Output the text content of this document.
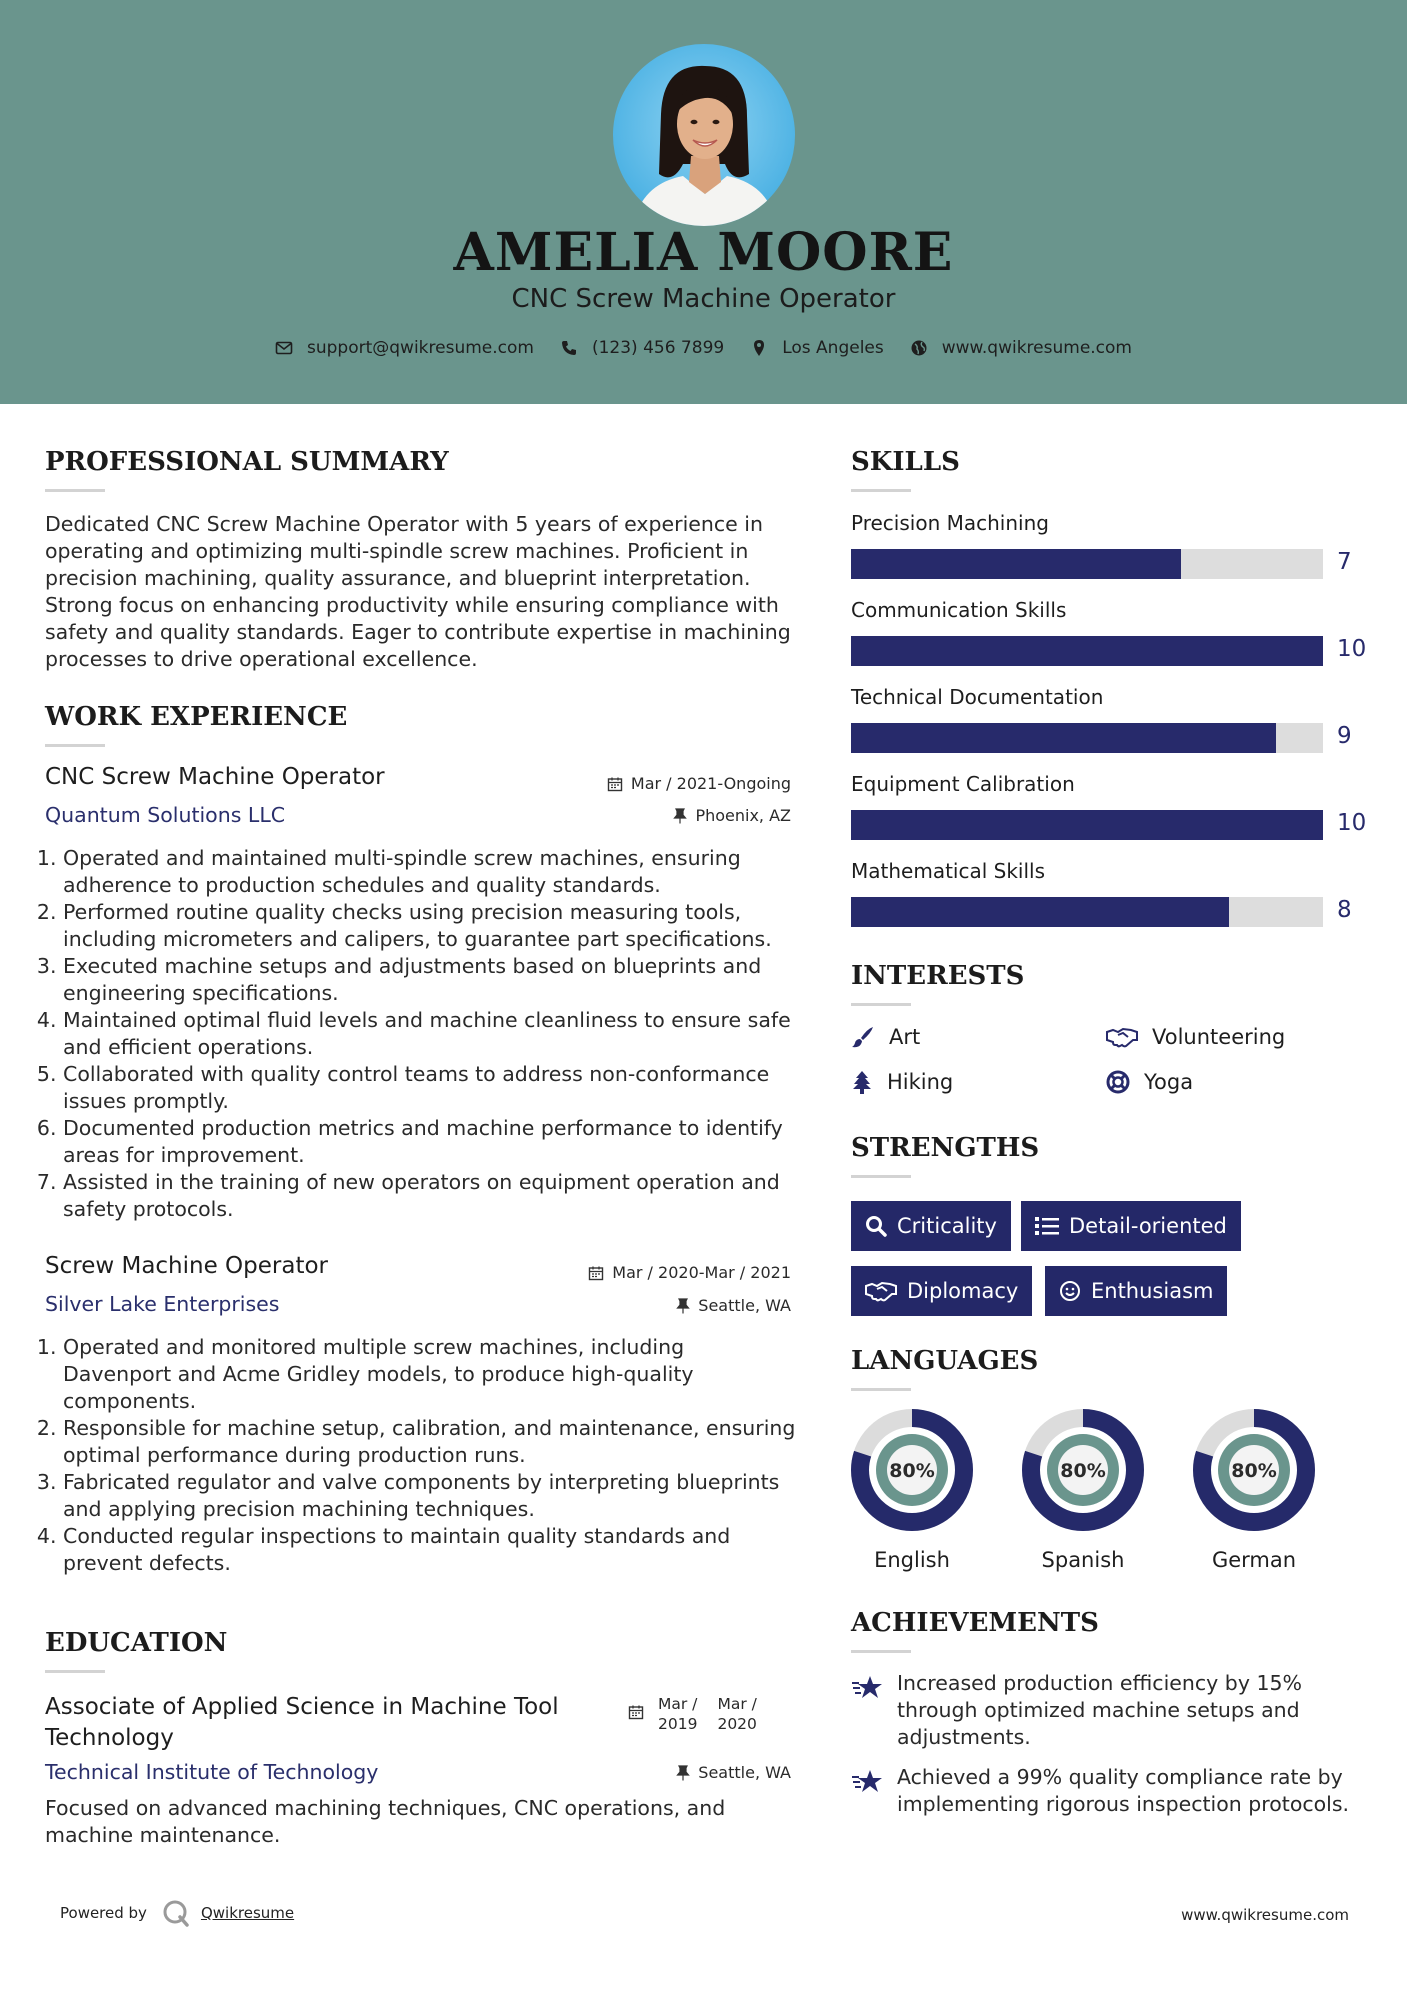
AMELIA MOORE
CNC Screw Machine Operator
support@qwikresume.com	(123) 456 7899	Los Angeles	www.qwikresume.com
PROFESSIONAL SUMMARY
Dedicated CNC Screw Machine Operator with 5 years of experience in operating and optimizing multi-spindle screw machines. Proficient in precision machining, quality assurance, and blueprint interpretation. Strong focus on enhancing productivity while ensuring compliance with safety and quality standards. Eager to contribute expertise in machining processes to drive operational excellence.
WORK EXPERIENCE
CNC Screw Machine Operator	Mar / 2021-Ongoing
Quantum Solutions LLC	Phoenix, AZ
1. Operated and maintained multi-spindle screw machines, ensuring adherence to production schedules and quality standards.
2. Performed routine quality checks using precision measuring tools, including micrometers and calipers, to guarantee part specifications.
3. Executed machine setups and adjustments based on blueprints and engineering specifications.
4. Maintained optimal fluid levels and machine cleanliness to ensure safe and efficient operations.
5. Collaborated with quality control teams to address non-conformance issues promptly.
6. Documented production metrics and machine performance to identify areas for improvement.
7. Assisted in the training of new operators on equipment operation and safety protocols.
Screw Machine Operator	Mar / 2020-Mar / 2021
Silver Lake Enterprises	Seattle, WA
1. Operated and monitored multiple screw machines, including Davenport and Acme Gridley models, to produce high-quality components.
2. Responsible for machine setup, calibration, and maintenance, ensuring optimal performance during production runs.
3. Fabricated regulator and valve components by interpreting blueprints and applying precision machining techniques.
4. Conducted regular inspections to maintain quality standards and prevent defects.
EDUCATION
Associate of Applied Science in Machine Tool Technology
Mar /
2019
Mar /
2020
Technical Institute of Technology	Seattle, WA
Focused on advanced machining techniques, CNC operations, and machine maintenance.
SKILLS
Precision Machining
7
Communication Skills
10
Technical Documentation
9
Equipment Calibration
10
Mathematical Skills
8
INTERESTS
Art	Volunteering
Hiking	Yoga
STRENGTHS
Criticality	Detail-oriented
Diplomacy	Enthusiasm
LANGUAGES
80%
English
80%
Spanish
80%
German
ACHIEVEMENTS
Increased production efficiency by 15% through optimized machine setups and adjustments.
Achieved a 99% quality compliance rate by implementing rigorous inspection protocols.
Powered by	Qwikresume	www.qwikresume.com
